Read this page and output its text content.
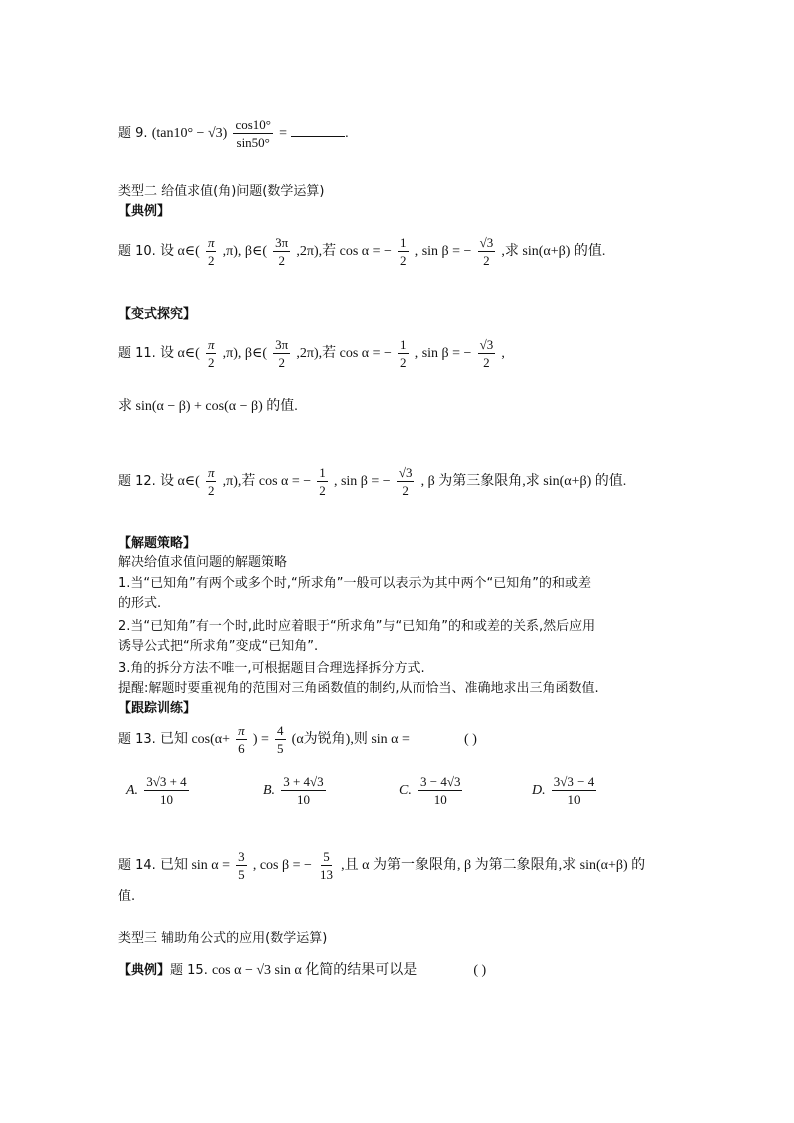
题 9. $(\tan 10^\circ - √3) \frac{\cos 10^\circ}{\sin 50^\circ}$ =	.
类型二 给值求值(角)问题(数学运算)
【典例】
题 10. 设 α∈( $\frac{\pi}{2} ,\pi$), β∈( $\frac{3\pi}{2} ,2\pi$),若 cos α = − $\frac{1}{2}$ , sin β = − $\frac{√3}{2}$ ,求 sin(α+β) 的值.
【变式探究】
题 11. 设 α∈( $\frac{\pi}{2} ,\pi$), β∈( $\frac{3\pi}{2} ,2\pi$),若 cos α = − $\frac{1}{2}$ , sin β = − $\frac{√3}{2}$ ,
求 sin(α − β) + cos(α − β) 的值.
题 12. 设 α∈( $\frac{\pi}{2} ,\pi$),若 cos α = − $\frac{1}{2}$ , sin β = − $\frac{√3}{2}$ , β 为第三象限角,求 sin(α+β) 的值.
【解题策略】
解决给值求值问题的解题策略
1.当“已知角”有两个或多个时,“所求角”一般可以表示为其中两个“已知角”的和或差
的形式.
2.当“已知角”有一个时,此时应着眼于“所求角”与“已知角”的和或差的关系,然后应用
诱导公式把“所求角”变成“已知角”.
3.角的拆分方法不唯一,可根据题目合理选择拆分方式.
提醒:解题时要重视角的范围对三角函数值的制约,从而恰当、准确地求出三角函数值.
【跟踪训练】
题 13. 已知 $\cos(\alpha+ \frac{\pi}{6}$ ) = $\frac{4}{5} (\alpha$为锐角),则 sin α =	( )
A. $\frac{3√3 + 4}{10}$	B. $\frac{3 + 4√3}{10}$	C. $\frac{3 - 4√3}{10}$	D. $\frac{3√3 - 4}{10}$
题 14. 已知 $\sin \alpha = \frac{3}{5}$ , cos β = − $\frac{5}{13}$ ,且 α 为第一象限角, β 为第二象限角,求 sin(α+β) 的
值.
类型三 辅助角公式的应用(数学运算)
【典例】题 15. cos α − √3 sin α 化简的结果可以是	( )
